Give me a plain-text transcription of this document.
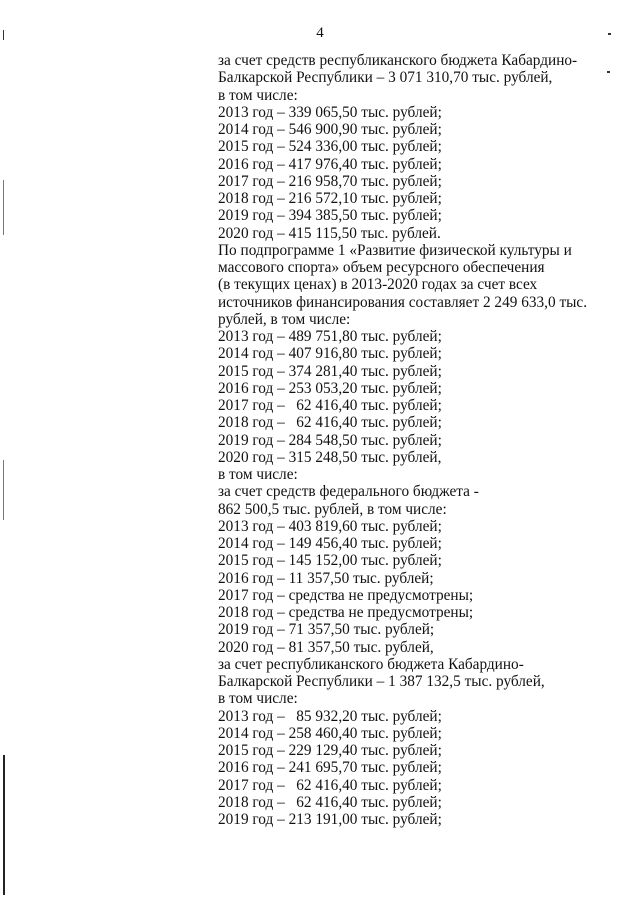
4
за счет средств республиканского бюджета Кабардино-
Балкарской Республики – 3 071 310,70 тыс. рублей,
в том числе:
2013 год – 339 065,50 тыс. рублей;
2014 год – 546 900,90 тыс. рублей;
2015 год – 524 336,00 тыс. рублей;
2016 год – 417 976,40 тыс. рублей;
2017 год – 216 958,70 тыс. рублей;
2018 год – 216 572,10 тыс. рублей;
2019 год – 394 385,50 тыс. рублей;
2020 год – 415 115,50 тыс. рублей.
По подпрограмме 1 «Развитие физической культуры и
массового спорта» объем ресурсного обеспечения
(в текущих ценах) в 2013-2020 годах за счет всех
источников финансирования составляет 2 249 633,0 тыс.
рублей, в том числе:
2013 год – 489 751,80 тыс. рублей;
2014 год – 407 916,80 тыс. рублей;
2015 год – 374 281,40 тыс. рублей;
2016 год – 253 053,20 тыс. рублей;
2017 год –   62 416,40 тыс. рублей;
2018 год –   62 416,40 тыс. рублей;
2019 год – 284 548,50 тыс. рублей;
2020 год – 315 248,50 тыс. рублей,
в том числе:
за счет средств федерального бюджета -
862 500,5 тыс. рублей, в том числе:
2013 год – 403 819,60 тыс. рублей;
2014 год – 149 456,40 тыс. рублей;
2015 год – 145 152,00 тыс. рублей;
2016 год – 11 357,50 тыс. рублей;
2017 год – средства не предусмотрены;
2018 год – средства не предусмотрены;
2019 год – 71 357,50 тыс. рублей;
2020 год – 81 357,50 тыс. рублей,
за счет республиканского бюджета Кабардино-
Балкарской Республики – 1 387 132,5 тыс. рублей,
в том числе:
2013 год –   85 932,20 тыс. рублей;
2014 год – 258 460,40 тыс. рублей;
2015 год – 229 129,40 тыс. рублей;
2016 год – 241 695,70 тыс. рублей;
2017 год –   62 416,40 тыс. рублей;
2018 год –   62 416,40 тыс. рублей;
2019 год – 213 191,00 тыс. рублей;
